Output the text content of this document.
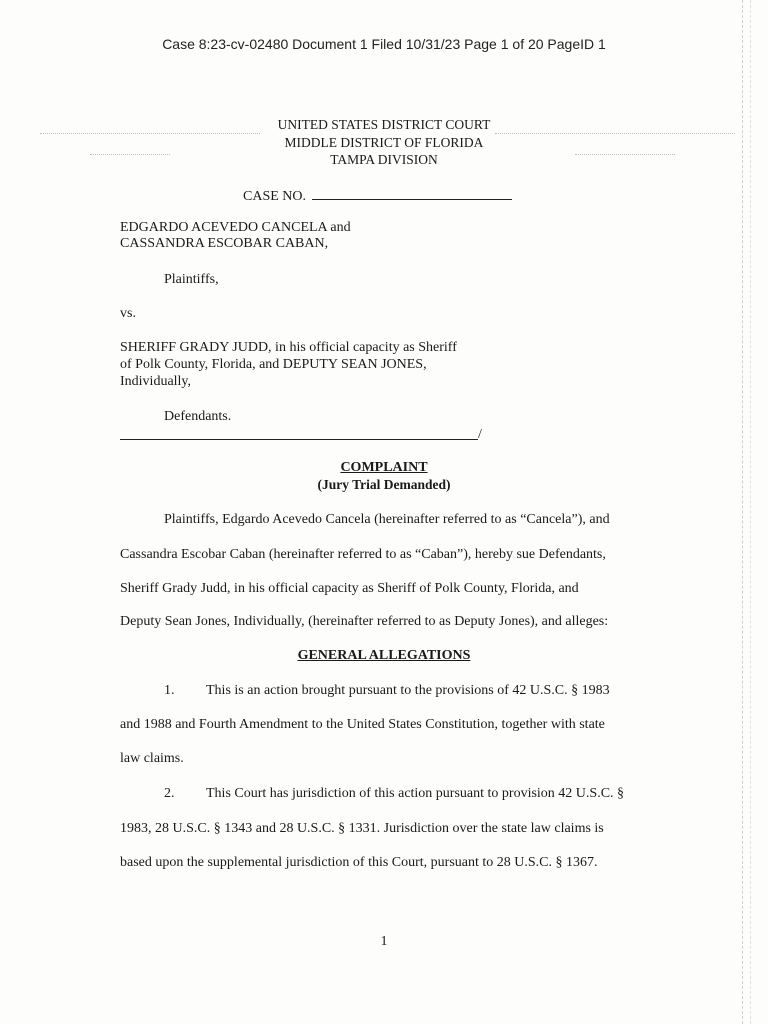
Case 8:23-cv-02480 Document 1 Filed 10/31/23 Page 1 of 20 PageID 1
UNITED STATES DISTRICT COURT
MIDDLE DISTRICT OF FLORIDA
TAMPA DIVISION
CASE NO.
EDGARDO ACEVEDO CANCELA and
CASSANDRA ESCOBAR CABAN,
Plaintiffs,
vs.
SHERIFF GRADY JUDD, in his official capacity as Sheriff
of Polk County, Florida, and DEPUTY SEAN JONES,
Individually,
Defendants.
/
COMPLAINT
(Jury Trial Demanded)
Plaintiffs, Edgardo Acevedo Cancela (hereinafter referred to as “Cancela”), and
Cassandra Escobar Caban (hereinafter referred to as “Caban”), hereby sue Defendants,
Sheriff Grady Judd, in his official capacity as Sheriff of Polk County, Florida, and
Deputy Sean Jones, Individually, (hereinafter referred to as Deputy Jones), and alleges:
GENERAL ALLEGATIONS
1. This is an action brought pursuant to the provisions of 42 U.S.C. § 1983
and 1988 and Fourth Amendment to the United States Constitution, together with state
law claims.
2. This Court has jurisdiction of this action pursuant to provision 42 U.S.C. §
1983, 28 U.S.C. § 1343 and 28 U.S.C. § 1331. Jurisdiction over the state law claims is
based upon the supplemental jurisdiction of this Court, pursuant to 28 U.S.C. § 1367.
1
